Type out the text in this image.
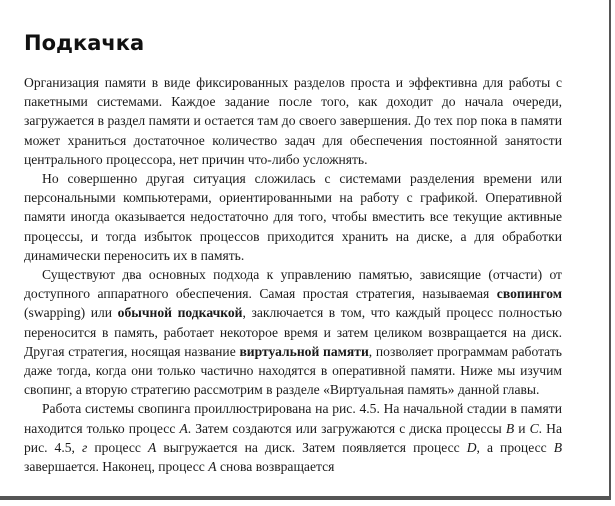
Подкачка

Организация памяти в виде фиксированных разделов проста и эффективна для работы с пакетными системами. Каждое задание после того, как доходит до начала очереди, загружается в раздел памяти и остается там до своего завершения. До тех пор пока в памяти может храниться достаточное количество задач для обеспечения постоянной занятости центрального процессора, нет причин что-либо усложнять.

Но совершенно другая ситуация сложилась с системами разделения времени или персональными компьютерами, ориентированными на работу с графикой. Оперативной памяти иногда оказывается недостаточно для того, чтобы вместить все текущие активные процессы, и тогда избыток процессов приходится хранить на диске, а для обработки динамически переносить их в память.

Существуют два основных подхода к управлению памятью, зависящие (отчасти) от доступного аппаратного обеспечения. Самая простая стратегия, называемая свопингом (swapping) или обычной подкачкой, заключается в том, что каждый процесс полностью переносится в память, работает некоторое время и затем целиком возвращается на диск. Другая стратегия, носящая название виртуальной памяти, позволяет программам работать даже тогда, когда они только частично находятся в оперативной памяти. Ниже мы изучим свопинг, а вторую стратегию рассмотрим в разделе «Виртуальная память» данной главы.

Работа системы свопинга проиллюстрирована на рис. 4.5. На начальной стадии в памяти находится только процесс A. Затем создаются или загружаются с диска процессы B и C. На рис. 4.5, г процесс A выгружается на диск. Затем появляется процесс D, а процесс B завершается. Наконец, процесс A снова возвращается
